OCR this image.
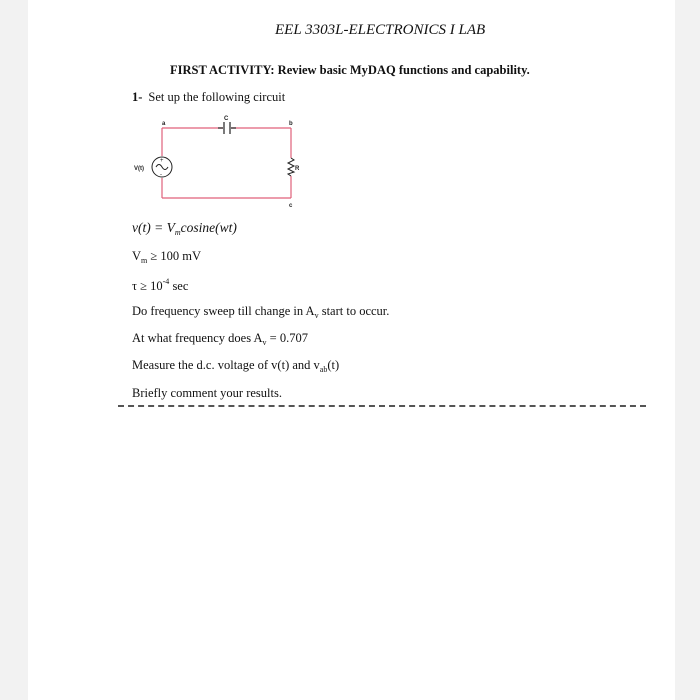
EEL 3303L-ELECTRONICS I LAB
FIRST ACTIVITY: Review basic MyDAQ functions and capability.
1- Set up the following circuit
+
-
a	b
C
R
c
V(t)
$v(t) = V_mcosine(wt)$
$V_m \ge 100$ mV
$\tau \ge 10^{-4}$ sec
Do frequency sweep till change in $A_v$ start to occur.
At what frequency does $A_v = 0.707$
Measure the d.c. voltage of v(t) and $v_{ab}(t)$
Briefly comment your results.
